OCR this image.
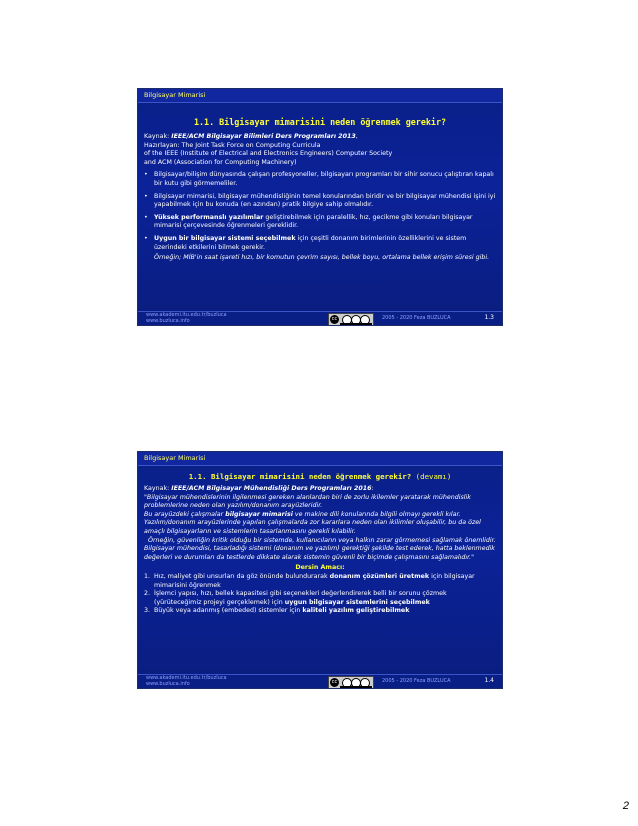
Bilgisayar Mimarisi
1.1. Bilgisayar mimarisini neden öğrenmek gerekir?
Kaynak: IEEE/ACM Bilgisayar Bilimleri Ders Programları 2013,
Hazırlayan: The Joint Task Force on Computing Curricula
of the IEEE (Institute of Electrical and Electronics Engineers) Computer Society
and ACM (Association for Computing Machinery)
• Bilgisayar/bilişim dünyasında çalışan profesyoneller, bilgisayarı programları bir sihir sonucu çalıştıran kapalı bir kutu gibi görmemeliler.
• Bilgisayar mimarisi, bilgisayar mühendisliğinin temel konularından biridir ve bir bilgisayar mühendisi işini iyi yapabilmek için bu konuda (en azından) pratik bilgiye sahip olmalıdır.
• Yüksek performanslı yazılımlar geliştirebilmek için paralellik, hız, gecikme gibi konuları bilgisayar mimarisi çerçevesinde öğrenmeleri gereklidir.
• Uygun bir bilgisayar sistemi seçebilmek için çeşitli donanım birimlerinin özelliklerini ve sistem üzerindeki etkilerini bilmek gerekir.
Örneğin; MİB'in saat işareti hızı, bir komutun çevrim sayısı, bellek boyu, ortalama bellek erişim süresi gibi.
www.akademi.itu.edu.tr/buzluca
www.buzluca.info	cc	2005 - 2020 Feza BUZLUCA	1.3
Bilgisayar Mimarisi
1.1. Bilgisayar mimarisini neden öğrenmek gerekir? (devamı)
Kaynak: IEEE/ACM Bilgisayar Mühendisliği Ders Programları 2016:
"Bilgisayar mühendislerinin ilgilenmesi gereken alanlardan biri de zorlu ikilemler yaratarak mühendislik problemlerine neden olan yazılım/donanım arayüzleridir.
Bu arayüzdeki çalışmalar bilgisayar mimarisi ve makine dili konularında bilgili olmayı gerekli kılar.
Yazılım/donanım arayüzlerinde yapılan çalışmalarda zor kararlara neden olan ikilimler oluşabilir, bu da özel amaçlı bilgisayarların ve sistemlerin tasarlanmasını gerekli kılabilir.
Örneğin, güvenliğin kritik olduğu bir sistemde, kullanıcıların veya halkın zarar görmemesi sağlamak önemlidir.
Bilgisayar mühendisi, tasarladığı sistemi (donanım ve yazılım) gerektiği şekilde test ederek, hatta beklenmedik değerleri ve durumları da testlerde dikkate alarak sistemin güvenli bir biçimde çalışmasını sağlamalıdır."
Dersin Amacı:
1. Hız, maliyet gibi unsurları da göz önünde bulundurarak donanım çözümleri üretmek için bilgisayar mimarisini öğrenmek
2. İşlemci yapısı, hızı, bellek kapasitesi gibi seçenekleri değerlendirerek belli bir sorunu çözmek (yürüteceğimiz projeyi gerçeklemek) için uygun bilgisayar sistemlerini seçebilmek
3. Büyük veya adanmış (embeded) sistemler için kaliteli yazılım geliştirebilmek
www.akademi.itu.edu.tr/buzluca
www.buzluca.info	cc	2005 - 2020 Feza BUZLUCA	1.4
2
